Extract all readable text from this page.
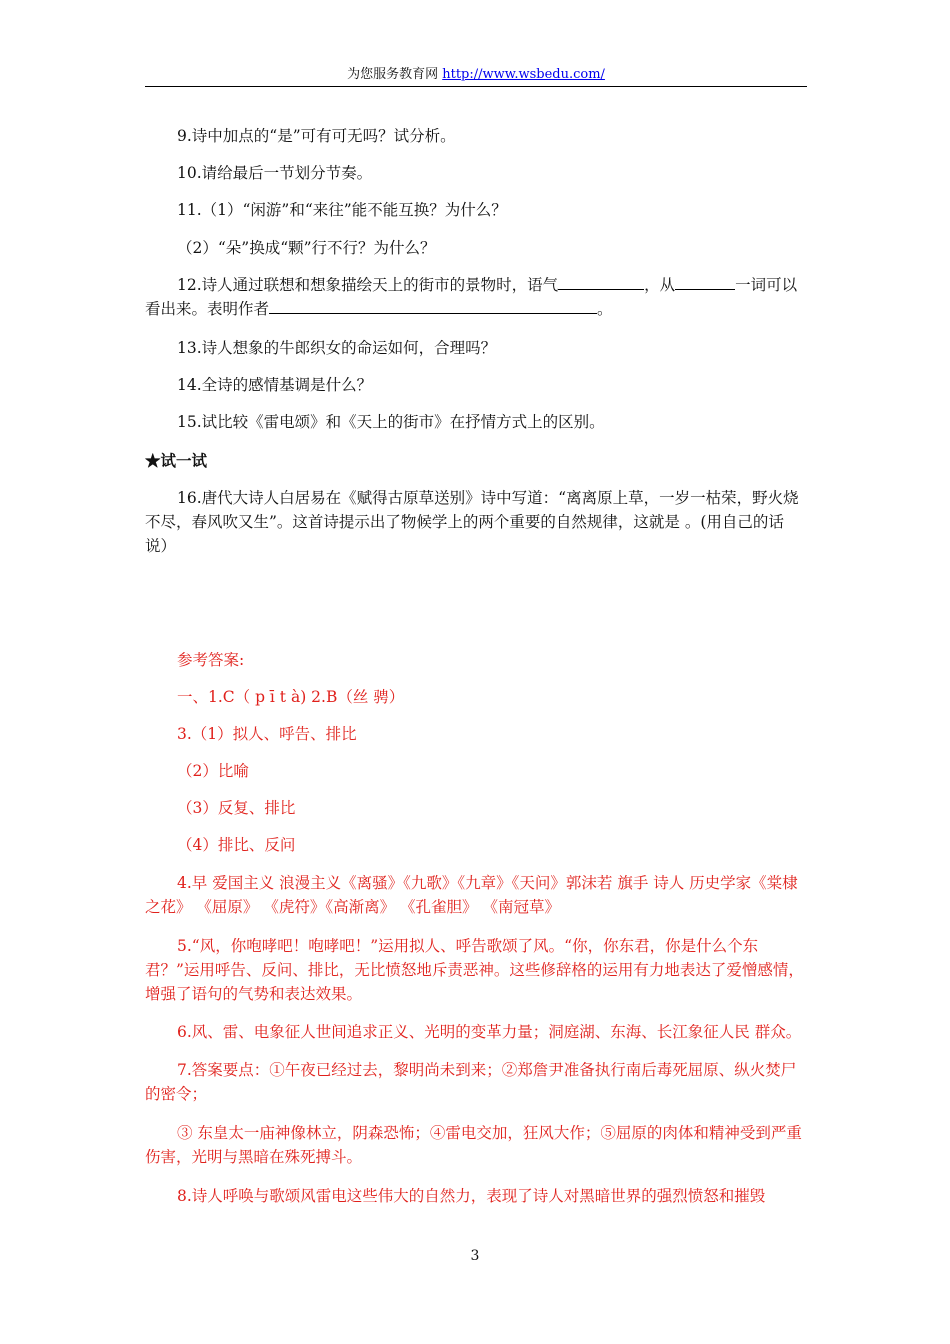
为您服务教育网 http://www.wsbedu.com/

9.诗中加点的“是”可有可无吗？试分析。

10.请给最后一节划分节奏。

11.（1）“闲游”和“来往”能不能互换？为什么？

（2）“朵”换成“颗”行不行？为什么？

12.诗人通过联想和想象描绘天上的街市的景物时，语气	，从	一词可以看出来。表明作者	。

13.诗人想象的牛郎织女的命运如何，合理吗？

14.全诗的感情基调是什么？

15.试比较《雷电颂》和《天上的街市》在抒情方式上的区别。

★试一试

16.唐代大诗人白居易在《赋得古原草送别》诗中写道：“离离原上草，一岁一枯荣，野火烧不尽，春风吹又生”。这首诗提示出了物候学上的两个重要的自然规律，这就是 。(用自己的话说）

参考答案:

一、1.C（ p ī t à) 2.B（丝 骋）

3.（1）拟人、呼告、排比

（2）比喻

（3）反复、排比

（4）排比、反问

4.早 爱国主义 浪漫主义《离骚》《九歌》《九章》《天问》郭沫若 旗手 诗人 历史学家《棠棣之花》 《屈原》 《虎符》《高渐离》 《孔雀胆》 《南冠草》

5.“风，你咆哮吧！咆哮吧！”运用拟人、呼告歌颂了风。“你，你东君，你是什么个东君？”运用呼告、反问、排比，无比愤怒地斥责恶神。这些修辞格的运用有力地表达了爱憎感情，增强了语句的气势和表达效果。

6.风、雷、电象征人世间追求正义、光明的变革力量；洞庭湖、东海、长江象征人民 群众。

7.答案要点：①午夜已经过去，黎明尚未到来；②郑詹尹准备执行南后毒死屈原、纵火焚尸的密令；

③ 东皇太一庙神像林立，阴森恐怖；④雷电交加，狂风大作；⑤屈原的肉体和精神受到严重伤害，光明与黑暗在殊死搏斗。

8.诗人呼唤与歌颂风雷电这些伟大的自然力，表现了诗人对黑暗世界的强烈愤怒和摧毁

3
